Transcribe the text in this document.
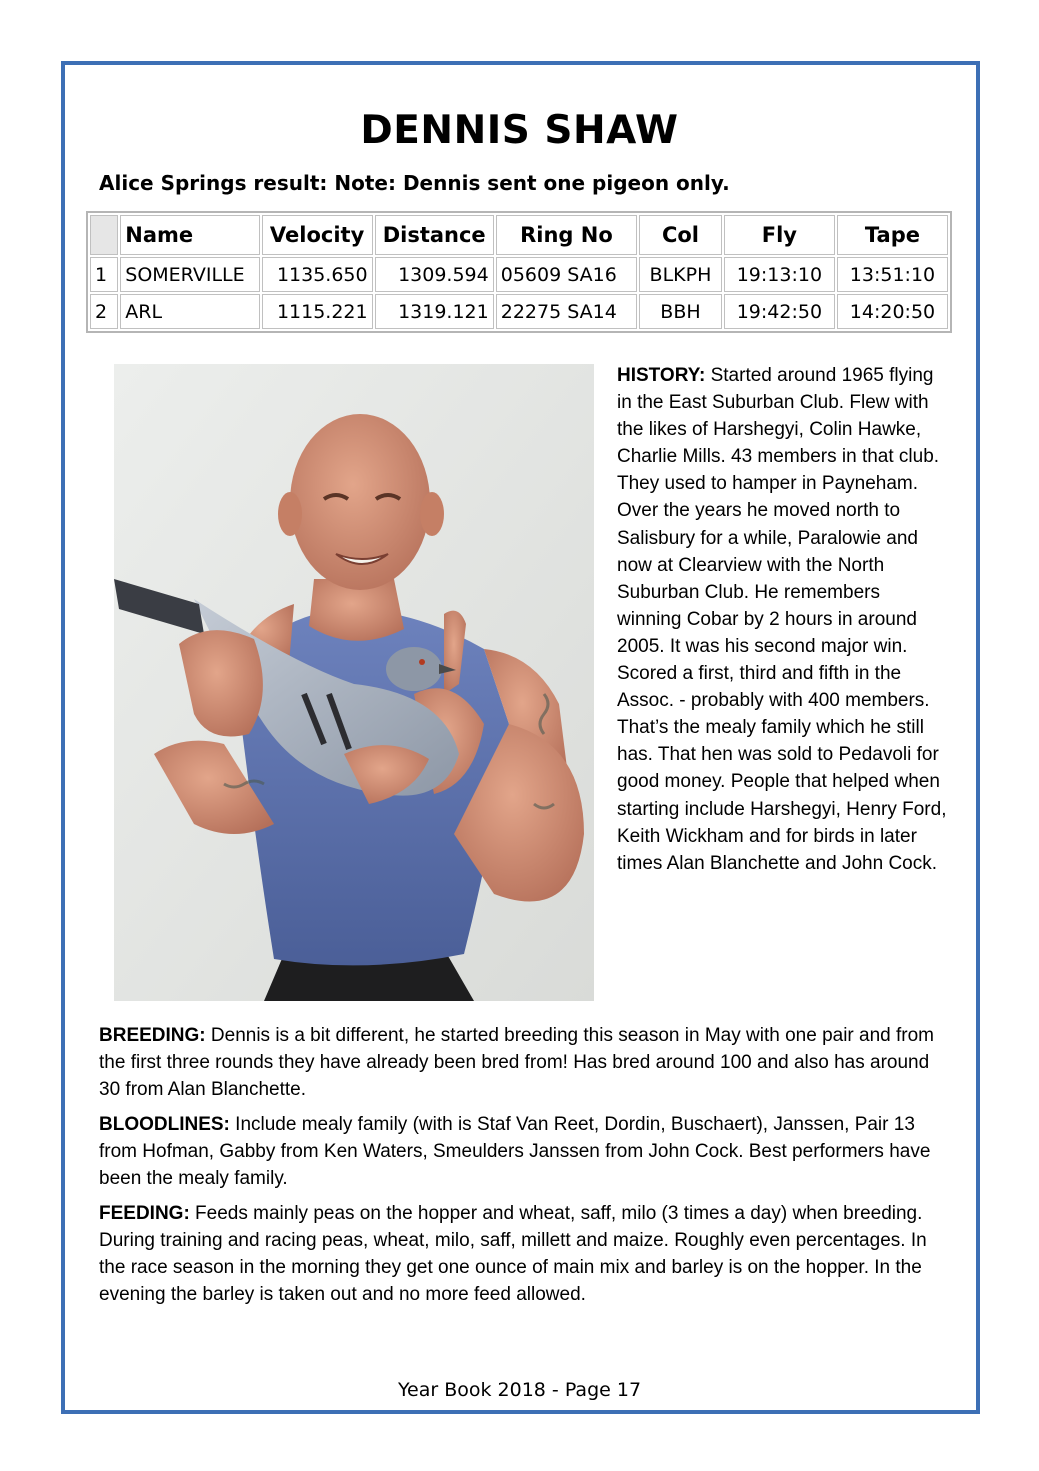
DENNIS SHAW
Alice Springs result: Note: Dennis sent one pigeon only.
	Name	Velocity	Distance	Ring No	Col	Fly	Tape
1	SOMERVILLE	1135.650	1309.594	05609 SA16	BLKPH	19:13:10	13:51:10
2	ARL	1115.221	1319.121	22275 SA14	BBH	19:42:50	14:20:50
HISTORY: Started around 1965 flying in the East Suburban Club. Flew with the likes of Harshegyi, Colin Hawke, Charlie Mills. 43 members in that club. They used to hamper in Payneham. Over the years he moved north to Salisbury for a while, Paralowie and now at Clearview with the North Suburban Club. He remembers winning Cobar by 2 hours in around 2005. It was his second major win. Scored a first, third and fifth in the Assoc. - probably with 400 members. That’s the mealy family which he still has. That hen was sold to Pedavoli for good money. People that helped when starting include Harshegyi, Henry Ford, Keith Wickham and for birds in later times Alan Blanchette and John Cock.
BREEDING: Dennis is a bit different, he started breeding this season in May with one pair and from the first three rounds they have already been bred from! Has bred around 100 and also has around 30 from Alan Blanchette.
BLOODLINES: Include mealy family (with is Staf Van Reet, Dordin, Buschaert), Janssen, Pair 13 from Hofman, Gabby from Ken Waters, Smeulders Janssen from John Cock. Best performers have been the mealy family.
FEEDING: Feeds mainly peas on the hopper and wheat, saff, milo (3 times a day) when breeding. During training and racing peas, wheat, milo, saff, millett and maize. Roughly even percentages. In the race season in the morning they get one ounce of main mix and barley is on the hopper. In the evening the barley is taken out and no more feed allowed.
Year Book 2018 - Page 17
